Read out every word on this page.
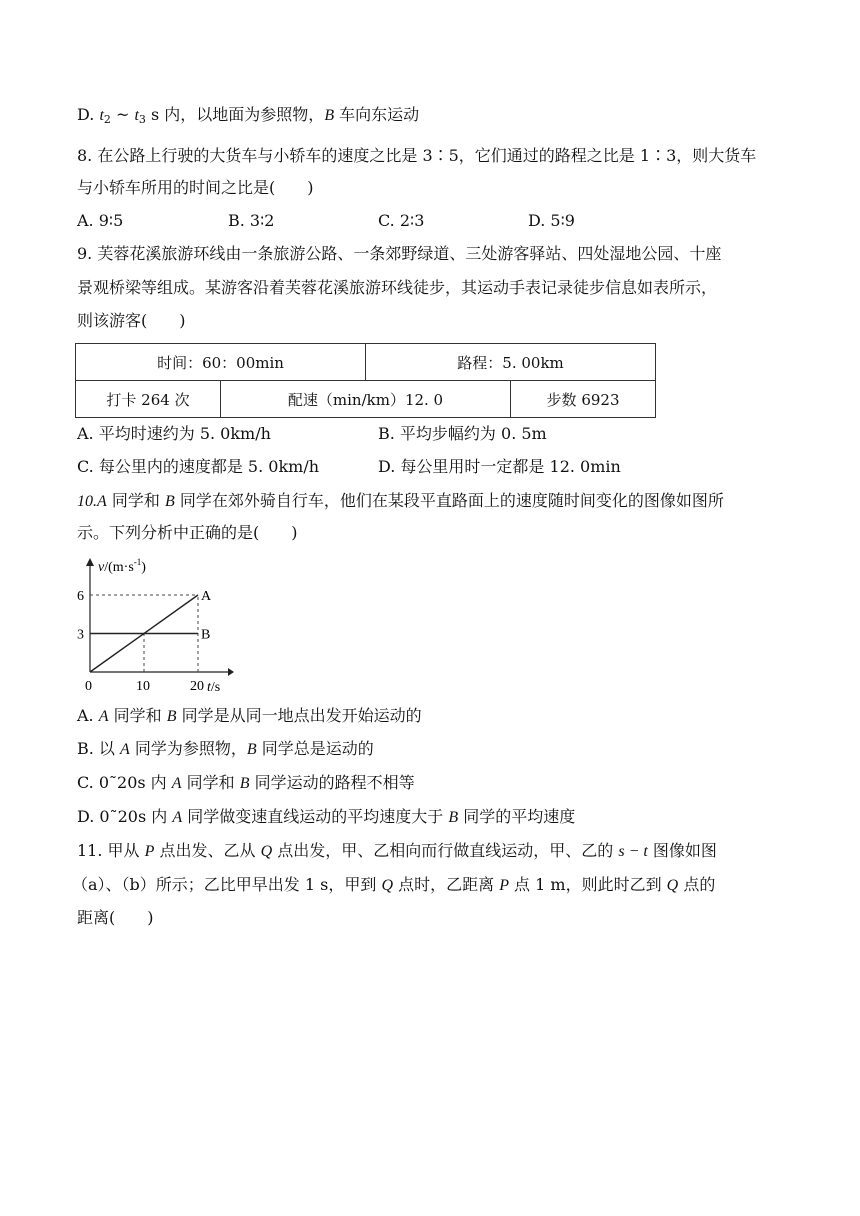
D. $t_2$ ~ $t_3$ s 内，以地面为参照物，B 车向东运动
8. 在公路上行驶的大货车与小轿车的速度之比是 3∶5，它们通过的路程之比是 1∶3，则大货车
与小轿车所用的时间之比是(　　)
A. 9∶5	B. 3∶2	C. 2∶3	D. 5∶9
9. 芙蓉花溪旅游环线由一条旅游公路、一条郊野绿道、三处游客驿站、四处湿地公园、十座
景观桥梁等组成。某游客沿着芙蓉花溪旅游环线徒步，其运动手表记录徒步信息如表所示，
则该游客(　　)
时间：60：00min		路程：5. 00km	
打卡 264 次	配速（min/km）12. 0		步数 6923
A. 平均时速约为 5. 0km/h	B. 平均步幅约为 0. 5m
C. 每公里内的速度都是 5. 0km/h	D. 每公里用时一定都是 12. 0min
10.A 同学和 B 同学在郊外骑自行车，他们在某段平直路面上的速度随时间变化的图像如图所
示。下列分析中正确的是(　　)
3
6
10	20
A
B
$v/(m\cdot s^{-1})$
t/s
0
A. A 同学和 B 同学是从同一地点出发开始运动的
B. 以 A 同学为参照物，B 同学总是运动的
C. 0˜20s 内 A 同学和 B 同学运动的路程不相等
D. 0˜20s 内 A 同学做变速直线运动的平均速度大于 B 同学的平均速度
11. 甲从 P 点出发、乙从 Q 点出发，甲、乙相向而行做直线运动，甲、乙的 s − t 图像如图
（a）、（b）所示；乙比甲早出发 1 s，甲到 Q 点时，乙距离 P 点 1 m，则此时乙到 Q 点的
距离(　　)
